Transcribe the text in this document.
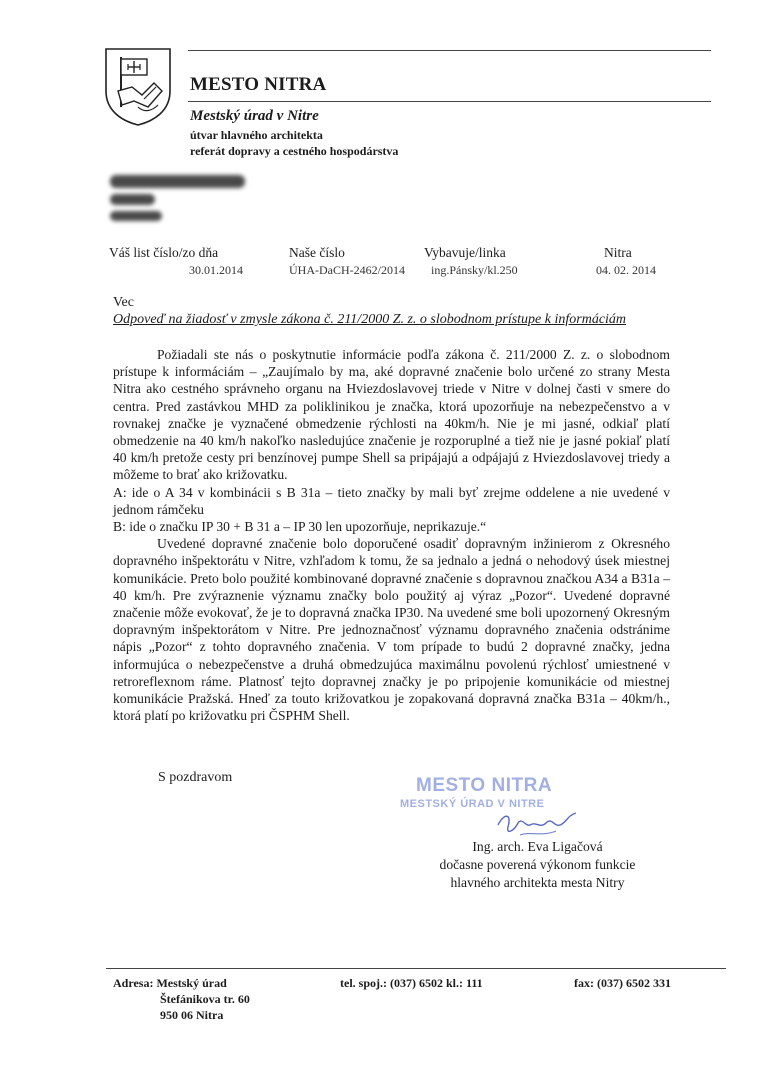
MESTO NITRA
Mestský úrad v Nitre
útvar hlavného architekta
referát dopravy a cestného hospodárstva
Váš list číslo/zo dňa
30.01.2014
Naše číslo
ÚHA-DaCH-2462/2014
Vybavuje/linka
ing.Pánsky/kl.250
Nitra
04. 02. 2014
Vec
Odpoveď na žiadosť v zmysle zákona č. 211/2000 Z. z. o slobodnom prístupe k informáciám

Požiadali ste nás o poskytnutie informácie podľa zákona č. 211/2000 Z. z. o slobodnom prístupe k informáciám – „Zaujímalo by ma, aké dopravné značenie bolo určené zo strany Mesta Nitra ako cestného správneho organu na Hviezdoslavovej triede v Nitre v dolnej časti v smere do centra. Pred zastávkou MHD za poliklinikou je značka, ktorá upozorňuje na nebezpečenstvo a v rovnakej značke je vyznačené obmedzenie rýchlosti na 40km/h. Nie je mi jasné, odkiaľ platí obmedzenie na 40 km/h nakoľko nasledujúce značenie je rozporuplné a tiež nie je jasné pokiaľ platí 40 km/h pretože cesty pri benzínovej pumpe Shell sa pripájajú a odpájajú z Hviezdoslavovej triedy a môžeme to brať ako križovatku.

A: ide o A 34 v kombinácii s B 31a – tieto značky by mali byť zrejme oddelene a nie uvedené v jednom rámčeku

B: ide o značku IP 30 + B 31 a – IP 30 len upozorňuje, neprikazuje.“

Uvedené dopravné značenie bolo doporučené osadiť dopravným inžinierom z Okresného dopravného inšpektorátu v Nitre, vzhľadom k tomu, že sa jednalo a jedná o nehodový úsek miestnej komunikácie. Preto bolo použité kombinované dopravné značenie s dopravnou značkou A34 a B31a – 40 km/h. Pre zvýraznenie významu značky bolo použitý aj výraz „Pozor“. Uvedené dopravné značenie môže evokovať, že je to dopravná značka IP30. Na uvedené sme boli upozornený Okresným dopravným inšpektorátom v Nitre. Pre jednoznačnosť významu dopravného značenia odstránime nápis „Pozor“ z tohto dopravného značenia. V tom prípade to budú 2 dopravné značky, jedna informujúca o nebezpečenstve a druhá obmedzujúca maximálnu povolenú rýchlosť umiestnené v retroreflexnom ráme. Platnosť tejto dopravnej značky je po pripojenie komunikácie od miestnej komunikácie Pražská. Hneď za touto križovatkou je zopakovaná dopravná značka B31a – 40km/h., ktorá platí po križovatku pri ČSPHM Shell.

S pozdravom	MESTO NITRA
MESTSKÝ ÚRAD V NITRE
Ing. arch. Eva Ligačová
dočasne poverená výkonom funkcie
hlavného architekta mesta Nitry
Adresa: Mestský úrad
Štefánikova tr. 60
950 06 Nitra
tel. spoj.: (037) 6502 kl.: 111	fax: (037) 6502 331
